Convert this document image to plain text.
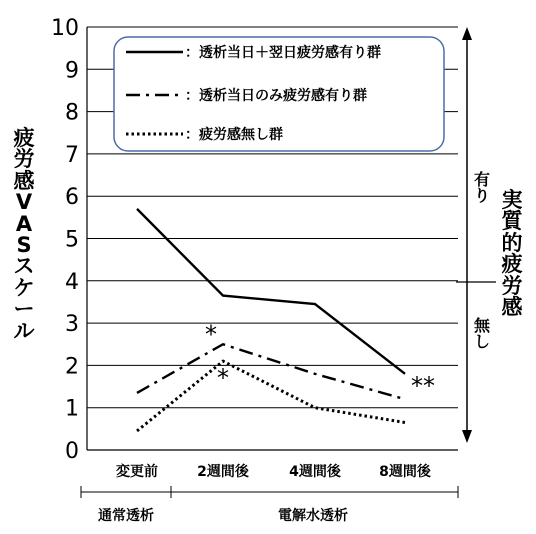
0
1
2
3
4
5
6
7
8
9
10
変更前	2週間後	4週間後	8週間後
*
*	**
通常透析	電解水透析
：透析当日＋翌日疲労感有り群
：透析当日のみ疲労感有り群
：疲労感無し群
疲
労
感
V
A
S
ス
ケ
ー
ル
実
質
的
疲
労
感
有
り
無
し
